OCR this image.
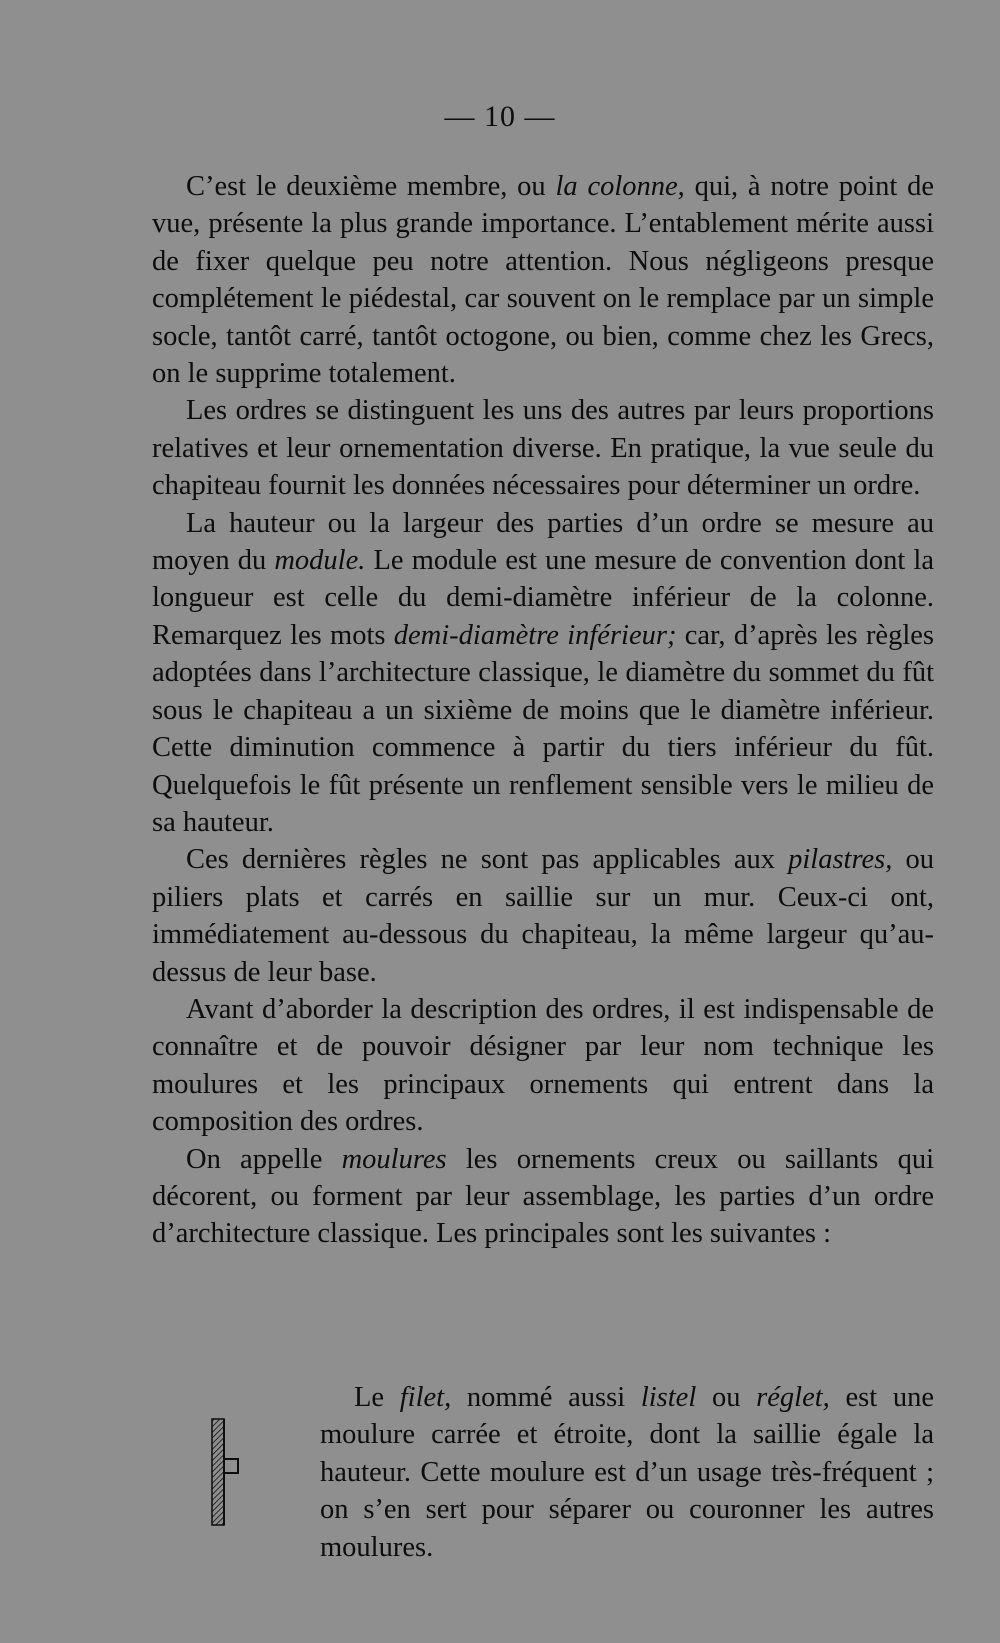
— 10 —

C’est le deuxième membre, ou la colonne, qui, à notre point de vue, présente la plus grande importance. L’entablement mérite aussi de fixer quelque peu notre attention. Nous négligeons presque complétement le piédestal, car souvent on le remplace par un simple socle, tantôt carré, tantôt octogone, ou bien, comme chez les Grecs, on le supprime totalement.

Les ordres se distinguent les uns des autres par leurs proportions relatives et leur ornementation diverse. En pratique, la vue seule du chapiteau fournit les données nécessaires pour déterminer un ordre.

La hauteur ou la largeur des parties d’un ordre se mesure au moyen du module. Le module est une mesure de convention dont la longueur est celle du demi-diamètre inférieur de la colonne. Remarquez les mots demi-diamètre inférieur; car, d’après les règles adoptées dans l’architecture classique, le diamètre du sommet du fût sous le chapiteau a un sixième de moins que le diamètre inférieur. Cette diminution commence à partir du tiers inférieur du fût. Quelquefois le fût présente un renflement sensible vers le milieu de sa hauteur.

Ces dernières règles ne sont pas applicables aux pilastres, ou piliers plats et carrés en saillie sur un mur. Ceux-ci ont, immédiatement au-dessous du chapiteau, la même largeur qu’au-dessus de leur base.

Avant d’aborder la description des ordres, il est indispensable de connaître et de pouvoir désigner par leur nom technique les moulures et les principaux ornements qui entrent dans la composition des ordres.

On appelle moulures les ornements creux ou saillants qui décorent, ou forment par leur assemblage, les parties d’un ordre d’architecture classique. Les principales sont les suivantes :

Le filet, nommé aussi listel ou réglet, est une moulure carrée et étroite, dont la saillie égale la hauteur. Cette moulure est d’un usage très-fréquent ; on s’en sert pour séparer ou couronner les autres moulures.
